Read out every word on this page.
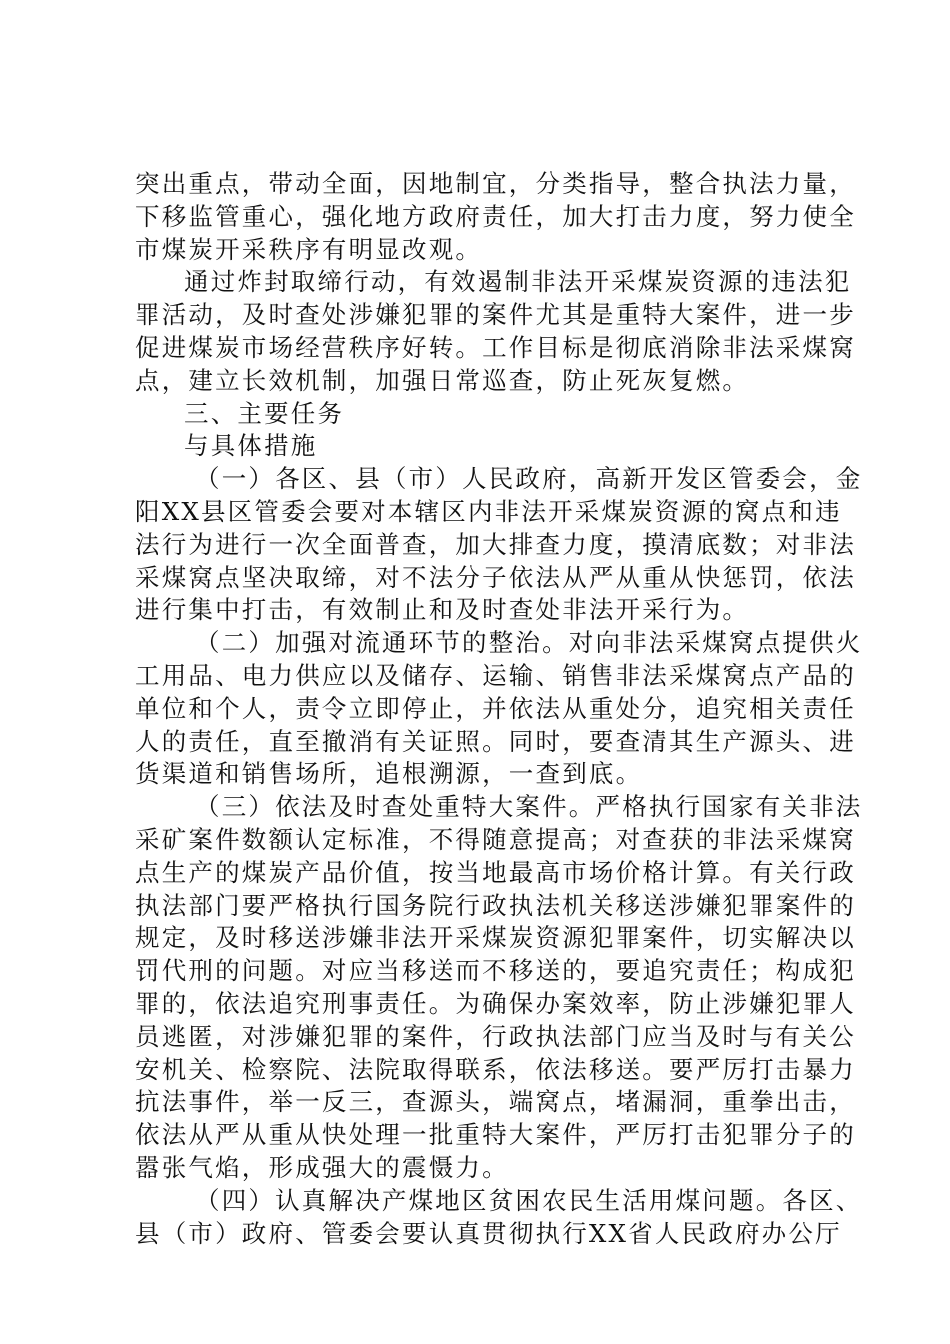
突出重点，带动全面，因地制宜，分类指导，整合执法力量，
下移监管重心，强化地方政府责任，加大打击力度，努力使全
市煤炭开采秩序有明显改观。
通过炸封取缔行动，有效遏制非法开采煤炭资源的违法犯
罪活动，及时查处涉嫌犯罪的案件尤其是重特大案件，进一步
促进煤炭市场经营秩序好转。工作目标是彻底消除非法采煤窝
点，建立长效机制，加强日常巡查，防止死灰复燃。
三、主要任务
与具体措施
（一）各区、县（市）人民政府，高新开发区管委会，金
阳XX县区管委会要对本辖区内非法开采煤炭资源的窝点和违
法行为进行一次全面普查，加大排查力度，摸清底数；对非法
采煤窝点坚决取缔，对不法分子依法从严从重从快惩罚，依法
进行集中打击，有效制止和及时查处非法开采行为。
（二）加强对流通环节的整治。对向非法采煤窝点提供火
工用品、电力供应以及储存、运输、销售非法采煤窝点产品的
单位和个人，责令立即停止，并依法从重处分，追究相关责任
人的责任，直至撤消有关证照。同时，要查清其生产源头、进
货渠道和销售场所，追根溯源，一查到底。
（三）依法及时查处重特大案件。严格执行国家有关非法
采矿案件数额认定标准，不得随意提高；对查获的非法采煤窝
点生产的煤炭产品价值，按当地最高市场价格计算。有关行政
执法部门要严格执行国务院行政执法机关移送涉嫌犯罪案件的
规定，及时移送涉嫌非法开采煤炭资源犯罪案件，切实解决以
罚代刑的问题。对应当移送而不移送的，要追究责任；构成犯
罪的，依法追究刑事责任。为确保办案效率，防止涉嫌犯罪人
员逃匿，对涉嫌犯罪的案件，行政执法部门应当及时与有关公
安机关、检察院、法院取得联系，依法移送。要严厉打击暴力
抗法事件，举一反三，查源头，端窝点，堵漏洞，重拳出击，
依法从严从重从快处理一批重特大案件，严厉打击犯罪分子的
嚣张气焰，形成强大的震慑力。
（四）认真解决产煤地区贫困农民生活用煤问题。各区、
县（市）政府、管委会要认真贯彻执行XX省人民政府办公厅
